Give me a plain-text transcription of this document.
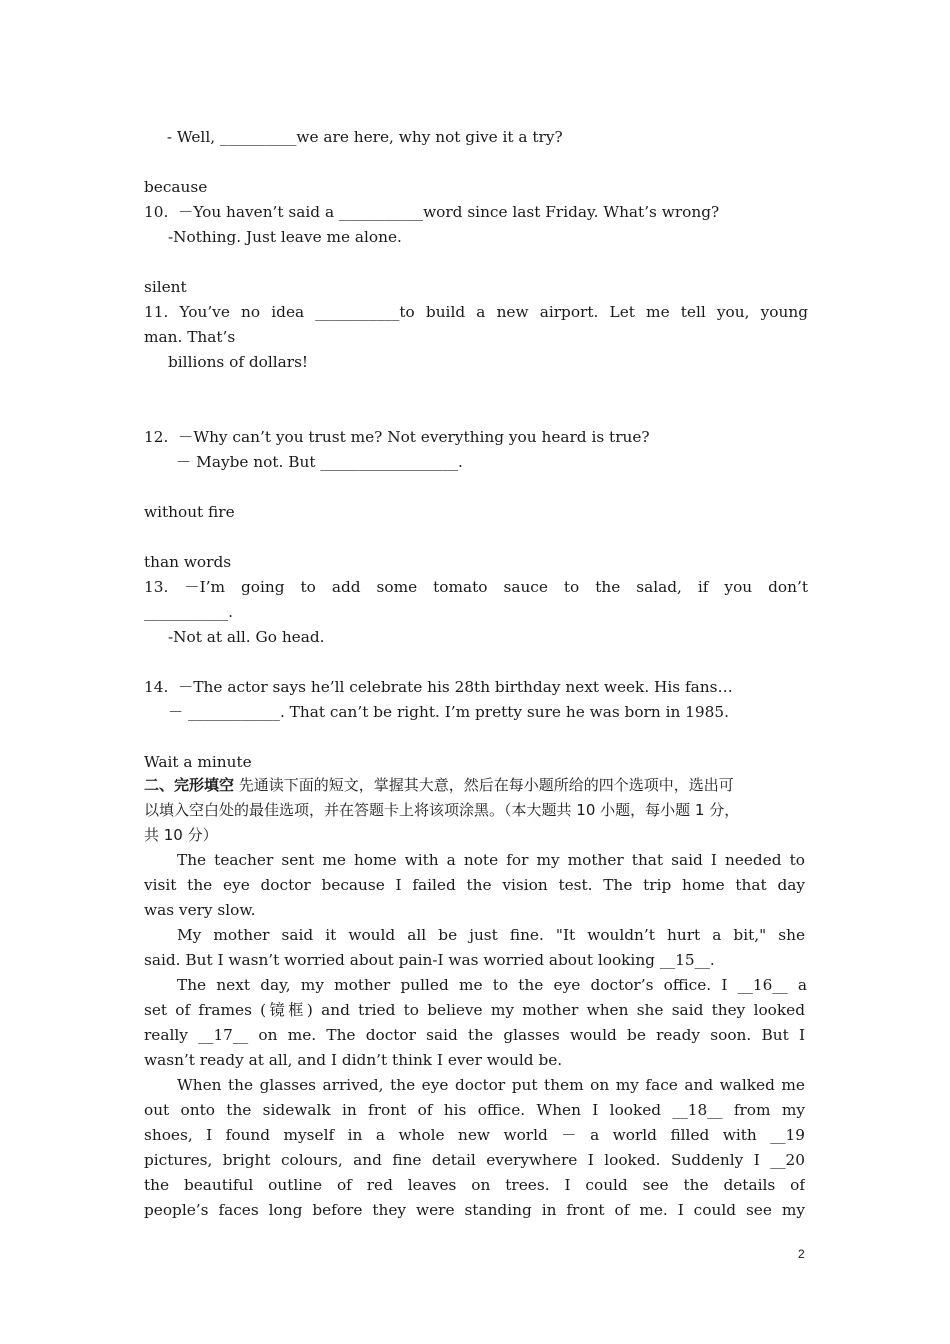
- Well, __________we are here, why not give it a try?

because
10.  －You haven’t said a ___________word since last Friday. What’s wrong?
-Nothing. Just leave me alone.

silent
11. You’ve no idea ___________to build a new airport. Let me tell you, young
man. That’s
billions of dollars!

12.  －Why can’t you trust me? Not everything you heard is true?
－ Maybe not. But __________________.

without fire

than words
13. －I’m going to add some tomato sauce to the salad, if you don’t
___________.
-Not at all. Go head.

14.  －The actor says he’ll celebrate his 28th birthday next week. His fans…
－ ____________. That can’t be right. I’m pretty sure he was born in 1985.

Wait a minute
二、完形填空 先通读下面的短文，掌握其大意，然后在每小题所给的四个选项中，选出可
以填入空白处的最佳选项，并在答题卡上将该项涂黑。（本大题共 10 小题，每小题 1 分，
共 10 分）
The teacher sent me home with a note for my mother that said I needed to
visit the eye doctor because I failed the vision test. The trip home that day
was very slow.
My mother said it would all be just fine. "It wouldn’t hurt a bit," she
said. But I wasn’t worried about pain-I was worried about looking __15__.
The next day, my mother pulled me to the eye doctor’s office. I __16__ a
set of frames (镜框) and tried to believe my mother when she said they looked
really __17__ on me. The doctor said the glasses would be ready soon. But I
wasn’t ready at all, and I didn’t think I ever would be.
When the glasses arrived, the eye doctor put them on my face and walked me
out onto the sidewalk in front of his office. When I looked __18__ from my
shoes, I found myself in a whole new world － a world filled with __19
pictures, bright colours, and fine detail everywhere I looked. Suddenly I __20
the beautiful outline of red leaves on trees. I could see the details of
people’s faces long before they were standing in front of me. I could see my
2
